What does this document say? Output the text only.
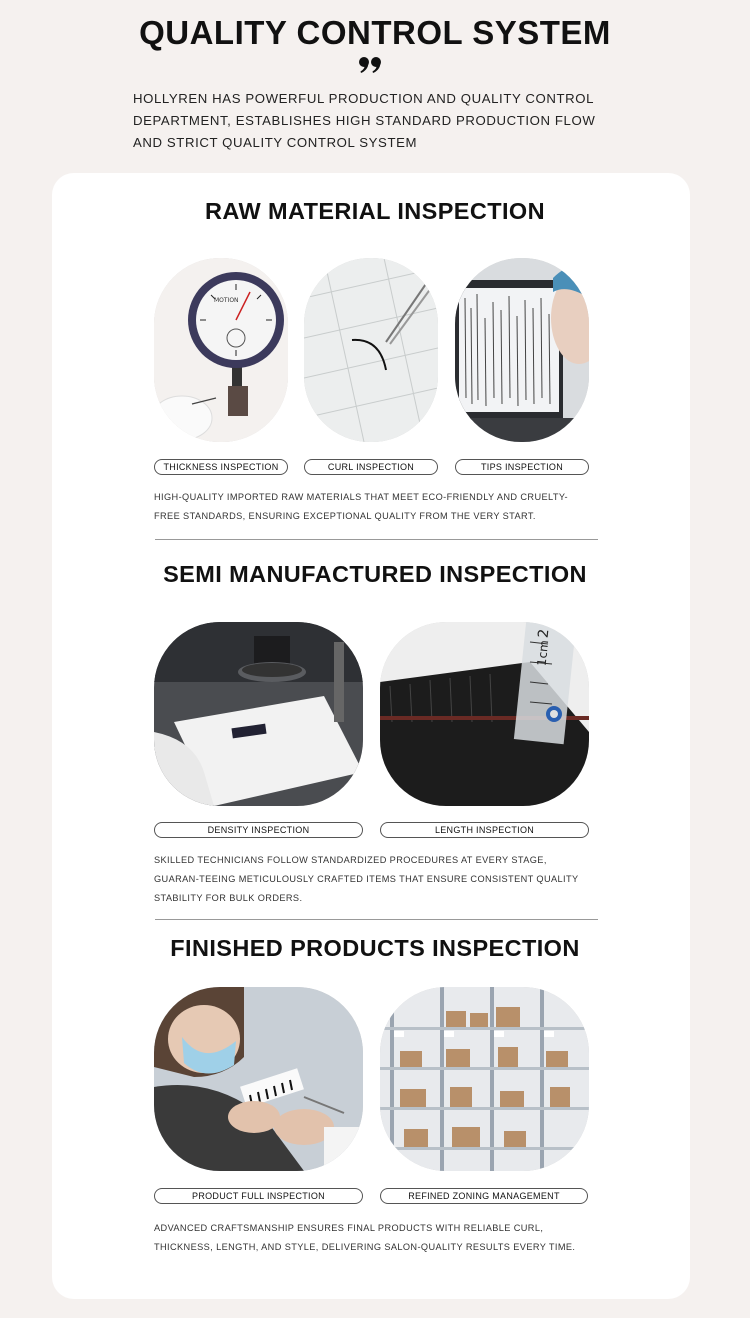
QUALITY CONTROL SYSTEM

HOLLYREN HAS POWERFUL PRODUCTION AND QUALITY CONTROL DEPARTMENT, ESTABLISHES HIGH STANDARD PRODUCTION FLOW AND STRICT QUALITY CONTROL SYSTEM

RAW MATERIAL INSPECTION
MOTION
THICKNESS INSPECTION	CURL INSPECTION	TIPS INSPECTION

HIGH-QUALITY IMPORTED RAW MATERIALS THAT MEET ECO-FRIENDLY AND CRUELTY-FREE STANDARDS, ENSURING EXCEPTIONAL QUALITY FROM THE VERY START.

SEMI MANUFACTURED INSPECTION
1cm
2
DENSITY INSPECTION	LENGTH INSPECTION

SKILLED TECHNICIANS FOLLOW STANDARDIZED PROCEDURES AT EVERY STAGE, GUARAN-TEEING METICULOUSLY CRAFTED ITEMS THAT ENSURE CONSISTENT QUALITY STABILITY FOR BULK ORDERS.

FINISHED PRODUCTS INSPECTION
PRODUCT FULL INSPECTION	REFINED ZONING MANAGEMENT

ADVANCED CRAFTSMANSHIP ENSURES FINAL PRODUCTS WITH RELIABLE CURL, THICKNESS, LENGTH, AND STYLE, DELIVERING SALON-QUALITY RESULTS EVERY TIME.
